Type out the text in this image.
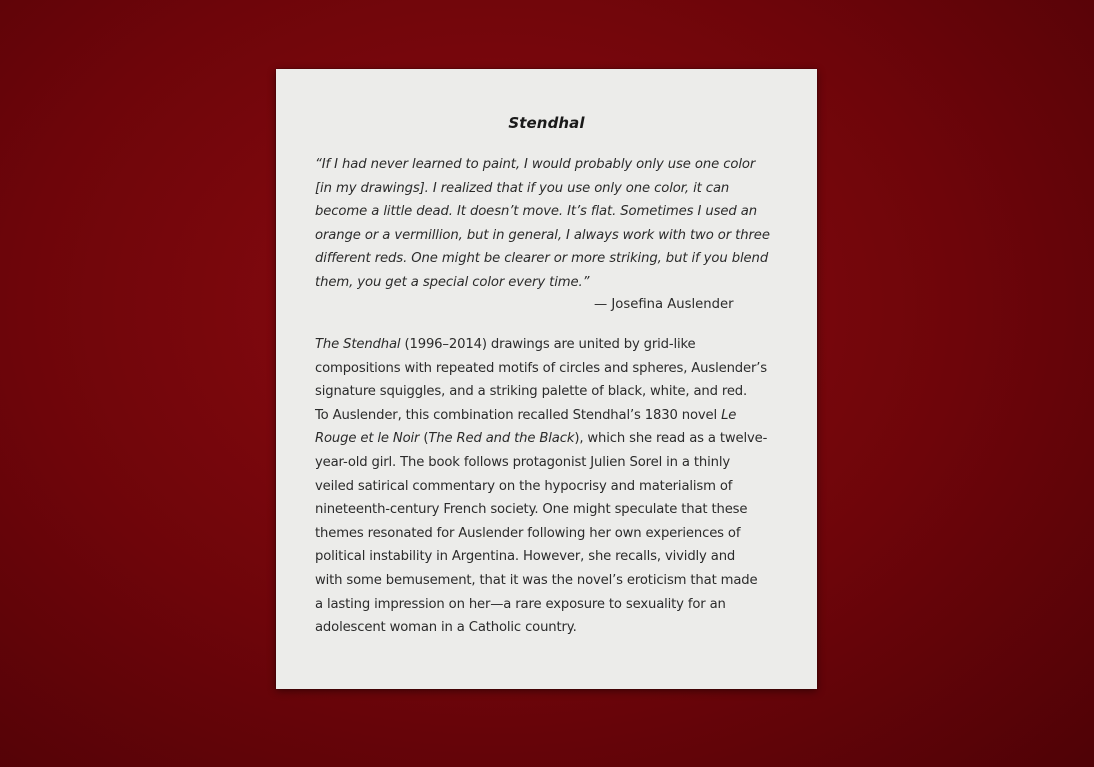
Stendhal

“If I had never learned to paint, I would probably only use one color
[in my drawings]. I realized that if you use only one color, it can
become a little dead. It doesn’t move. It’s flat. Sometimes I used an
orange or a vermillion, but in general, I always work with two or three
different reds. One might be clearer or more striking, but if you blend
them, you get a special color every time.”

— Josefina Auslender

The Stendhal (1996–2014) drawings are united by grid-like
compositions with repeated motifs of circles and spheres, Auslender’s
signature squiggles, and a striking palette of black, white, and red.
To Auslender, this combination recalled Stendhal’s 1830 novel Le
Rouge et le Noir (The Red and the Black), which she read as a twelve-
year-old girl. The book follows protagonist Julien Sorel in a thinly
veiled satirical commentary on the hypocrisy and materialism of
nineteenth-century French society. One might speculate that these
themes resonated for Auslender following her own experiences of
political instability in Argentina. However, she recalls, vividly and
with some bemusement, that it was the novel’s eroticism that made
a lasting impression on her—a rare exposure to sexuality for an
adolescent woman in a Catholic country.
